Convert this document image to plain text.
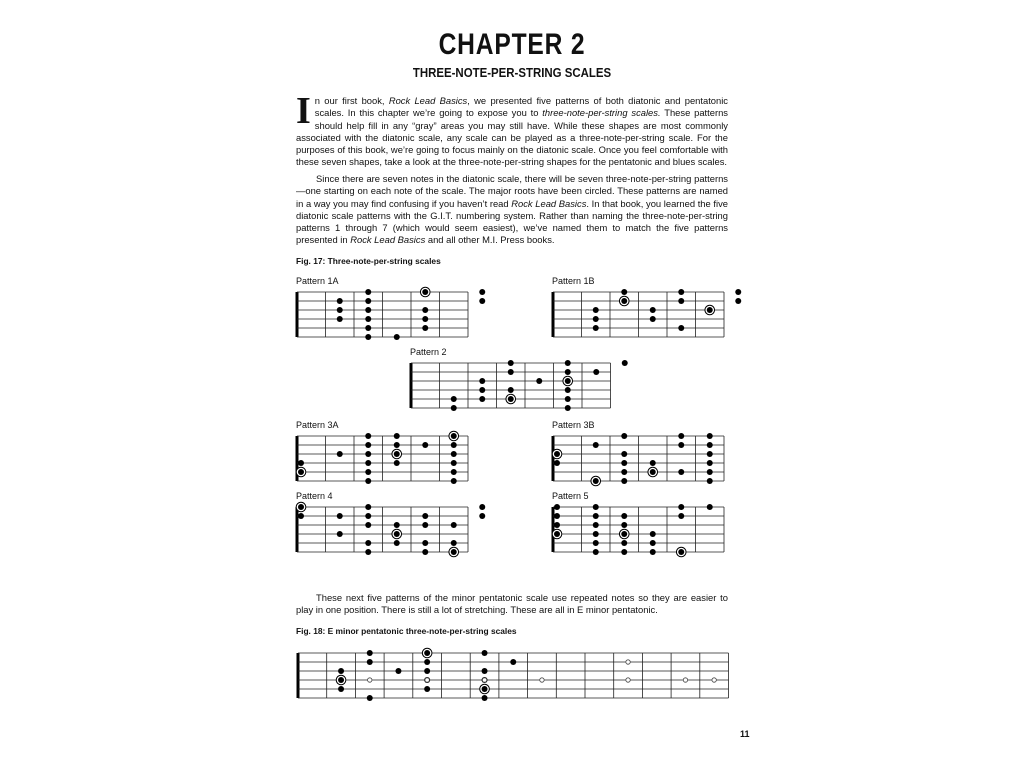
CHAPTER 2
THREE-NOTE-PER-STRING SCALES

In our first book, Rock Lead Basics, we presented five patterns of both diatonic and pentatonic scales. In this chapter we’re going to expose you to three-note-per-string scales. These patterns should help fill in any “gray” areas you may still have. While these shapes are most commonly associated with the diatonic scale, any scale can be played as a three-note-per-string scale. For the purposes of this book, we’re going to focus mainly on the diatonic scale. Once you feel comfortable with these seven shapes, take a look at the three-note-per-string shapes for the pentatonic and blues scales.

Since there are seven notes in the diatonic scale, there will be seven three-note-per-string patterns—one starting on each note of the scale. The major roots have been circled. These patterns are named in a way you may find confusing if you haven’t read Rock Lead Basics. In that book, you learned the five diatonic scale patterns with the G.I.T. numbering system. Rather than naming the three-note-per-string patterns 1 through 7 (which would seem easiest), we’ve named them to match the five patterns presented in Rock Lead Basics and all other M.I. Press books.

Fig. 17: Three-note-per-string scales
Pattern 1A	Pattern 1B
Pattern 2
Pattern 3A	Pattern 3B
Pattern 4	Pattern 5

These next five patterns of the minor pentatonic scale use repeated notes so they are easier to play in one position. There is still a lot of stretching. These are all in E minor pentatonic.

Fig. 18: E minor pentatonic three-note-per-string scales
11
